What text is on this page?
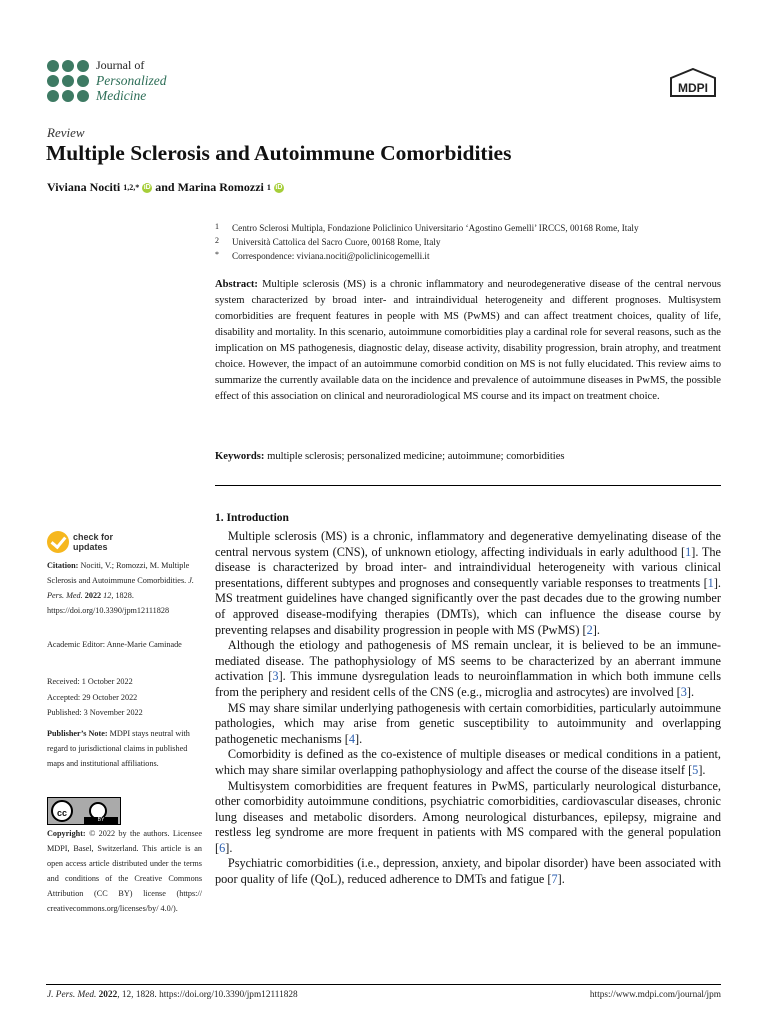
Journal of
Personalized
Medicine	MDPI
Review
Multiple Sclerosis and Autoimmune Comorbidities
Viviana Nociti 1,2,* iD and Marina Romozzi 1 iD
1 Centro Sclerosi Multipla, Fondazione Policlinico Universitario ‘Agostino Gemelli’ IRCCS, 00168 Rome, Italy
2 Università Cattolica del Sacro Cuore, 00168 Rome, Italy
* Correspondence: viviana.nociti@policlinicogemelli.it
Abstract: Multiple sclerosis (MS) is a chronic inflammatory and neurodegenerative disease of the central nervous system characterized by broad inter- and intraindividual heterogeneity and different prognoses. Multisystem comorbidities are frequent features in people with MS (PwMS) and can affect treatment choices, quality of life, disability and mortality. In this scenario, autoimmune comorbidities play a cardinal role for several reasons, such as the implication on MS pathogenesis, diagnostic delay, disease activity, disability progression, brain atrophy, and treatment choice. However, the impact of an autoimmune comorbid condition on MS is not fully elucidated. This review aims to summarize the currently available data on the incidence and prevalence of autoimmune diseases in PwMS, the possible effect of this association on clinical and neuroradiological MS course and its impact on treatment choice.
Keywords: multiple sclerosis; personalized medicine; autoimmune; comorbidities
1. Introduction

Multiple sclerosis (MS) is a chronic, inflammatory and degenerative demyelinating disease of the central nervous system (CNS), of unknown etiology, affecting individuals in early adulthood [1]. The disease is characterized by broad inter- and intraindividual heterogeneity with various clinical presentations, different subtypes and prognoses and consequently variable responses to treatments [1]. MS treatment guidelines have changed significantly over the past decades due to the growing number of approved disease-modifying therapies (DMTs), which can influence the disease course by preventing relapses and disability progression in people with MS (PwMS) [2].

Although the etiology and pathogenesis of MS remain unclear, it is believed to be an immune-mediated disease. The pathophysiology of MS seems to be characterized by an aberrant immune activation [3]. This immune dysregulation leads to neuroinflammation in which both immune cells from the periphery and resident cells of the CNS (e.g., microglia and astrocytes) are involved [3].

MS may share similar underlying pathogenesis with certain comorbidities, particularly autoimmune pathologies, which may arise from genetic susceptibility to autoimmunity and overlapping pathogenetic mechanisms [4].

Comorbidity is defined as the co-existence of multiple diseases or medical conditions in a patient, which may share similar overlapping pathophysiology and affect the course of the disease itself [5].

Multisystem comorbidities are frequent features in PwMS, particularly neurological disturbance, other comorbidity autoimmune conditions, psychiatric comorbidities, cardiovascular diseases, chronic lung diseases and metabolic disorders. Among neurological disturbances, epilepsy, migraine and restless leg syndrome are more frequent in patients with MS compared with the general population [6].

Psychiatric comorbidities (i.e., depression, anxiety, and bipolar disorder) have been associated with poor quality of life (QoL), reduced adherence to DMTs and fatigue [7].

check for
updates
Citation: Nociti, V.; Romozzi, M. Multiple Sclerosis and Autoimmune Comorbidities. J. Pers. Med. 2022 12, 1828. https://doi.org/10.3390/jpm12111828
Academic Editor: Anne-Marie Caminade
Received: 1 October 2022
Accepted: 29 October 2022
Published: 3 November 2022
Publisher’s Note: MDPI stays neutral with regard to jurisdictional claims in published maps and institutional affiliations.
cc
BY
Copyright: © 2022 by the authors. Licensee MDPI, Basel, Switzerland. This article is an open access article distributed under the terms and conditions of the Creative Commons Attribution (CC BY) license (https:// creativecommons.org/licenses/by/ 4.0/).
J. Pers. Med. 2022, 12, 1828. https://doi.org/10.3390/jpm12111828	https://www.mdpi.com/journal/jpm
